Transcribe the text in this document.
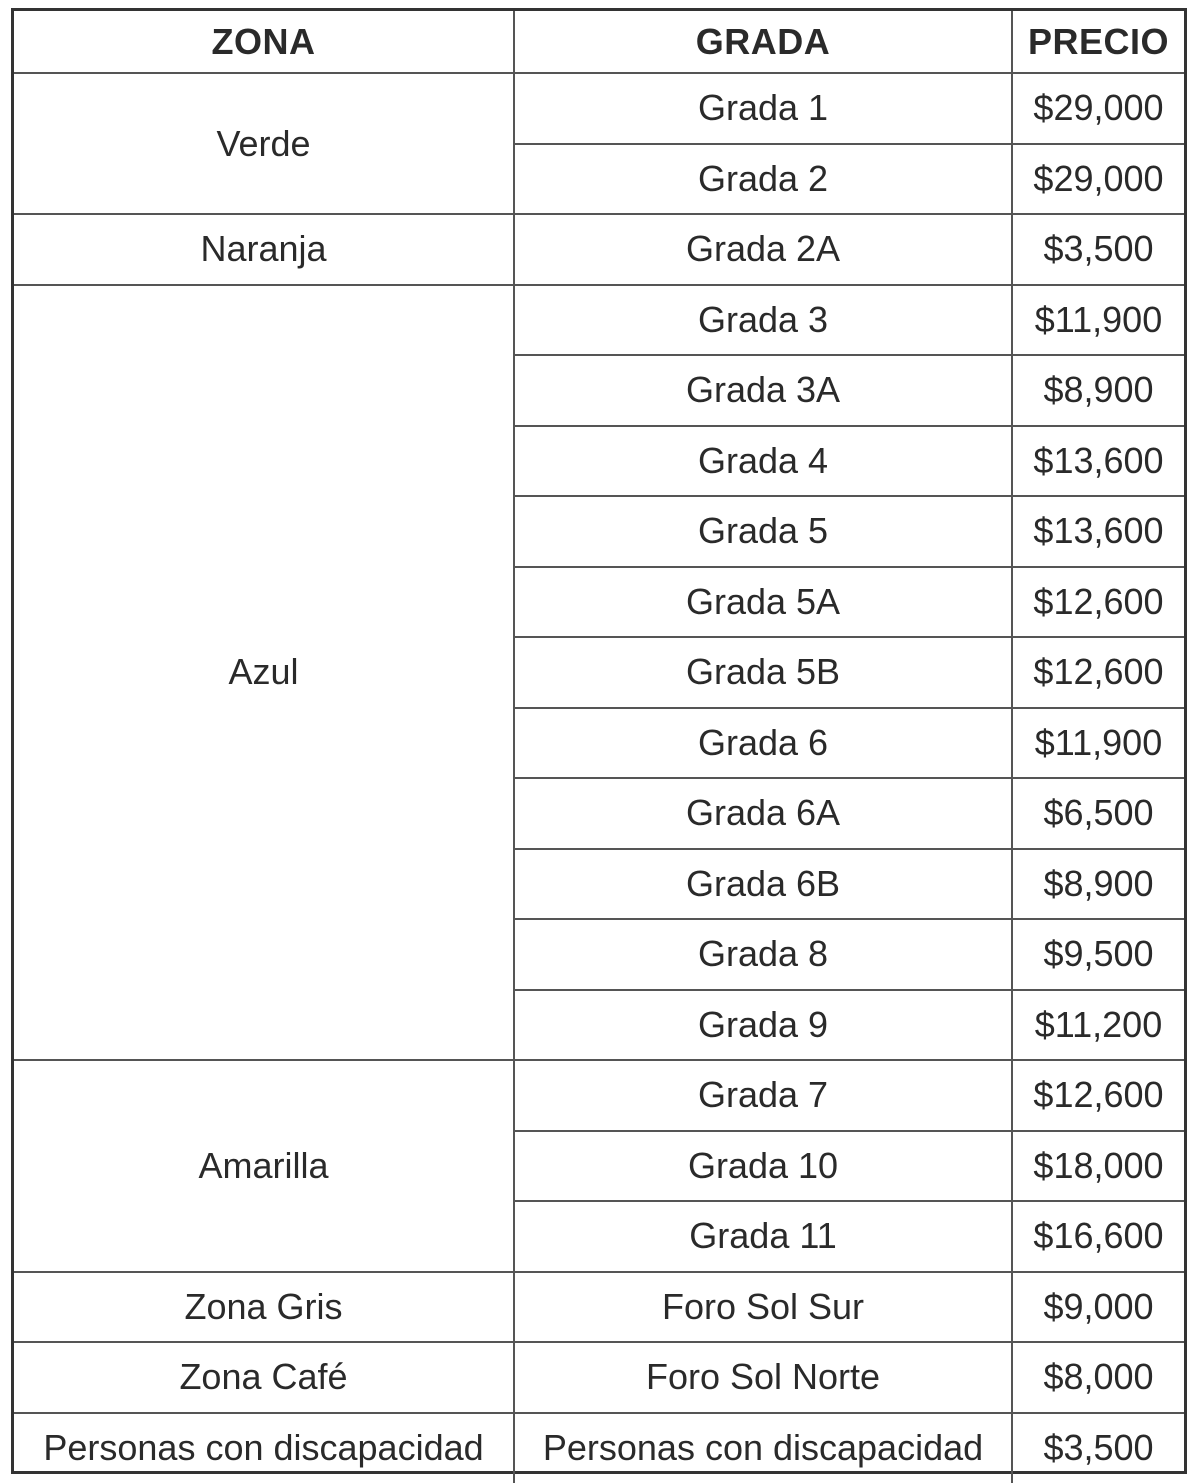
ZONA	GRADA	PRECIO
Verde	Grada 1	$29,000
	Grada 2	$29,000
Naranja	Grada 2A	$3,500
Azul	Grada 3	$11,900
	Grada 3A	$8,900
	Grada 4	$13,600
	Grada 5	$13,600
	Grada 5A	$12,600
	Grada 5B	$12,600
	Grada 6	$11,900
	Grada 6A	$6,500
	Grada 6B	$8,900
	Grada 8	$9,500
	Grada 9	$11,200
Amarilla	Grada 7	$12,600
	Grada 10	$18,000
	Grada 11	$16,600
Zona Gris	Foro Sol Sur	$9,000
Zona Café	Foro Sol Norte	$8,000
Personas con discapacidad	Personas con discapacidad	$3,500
